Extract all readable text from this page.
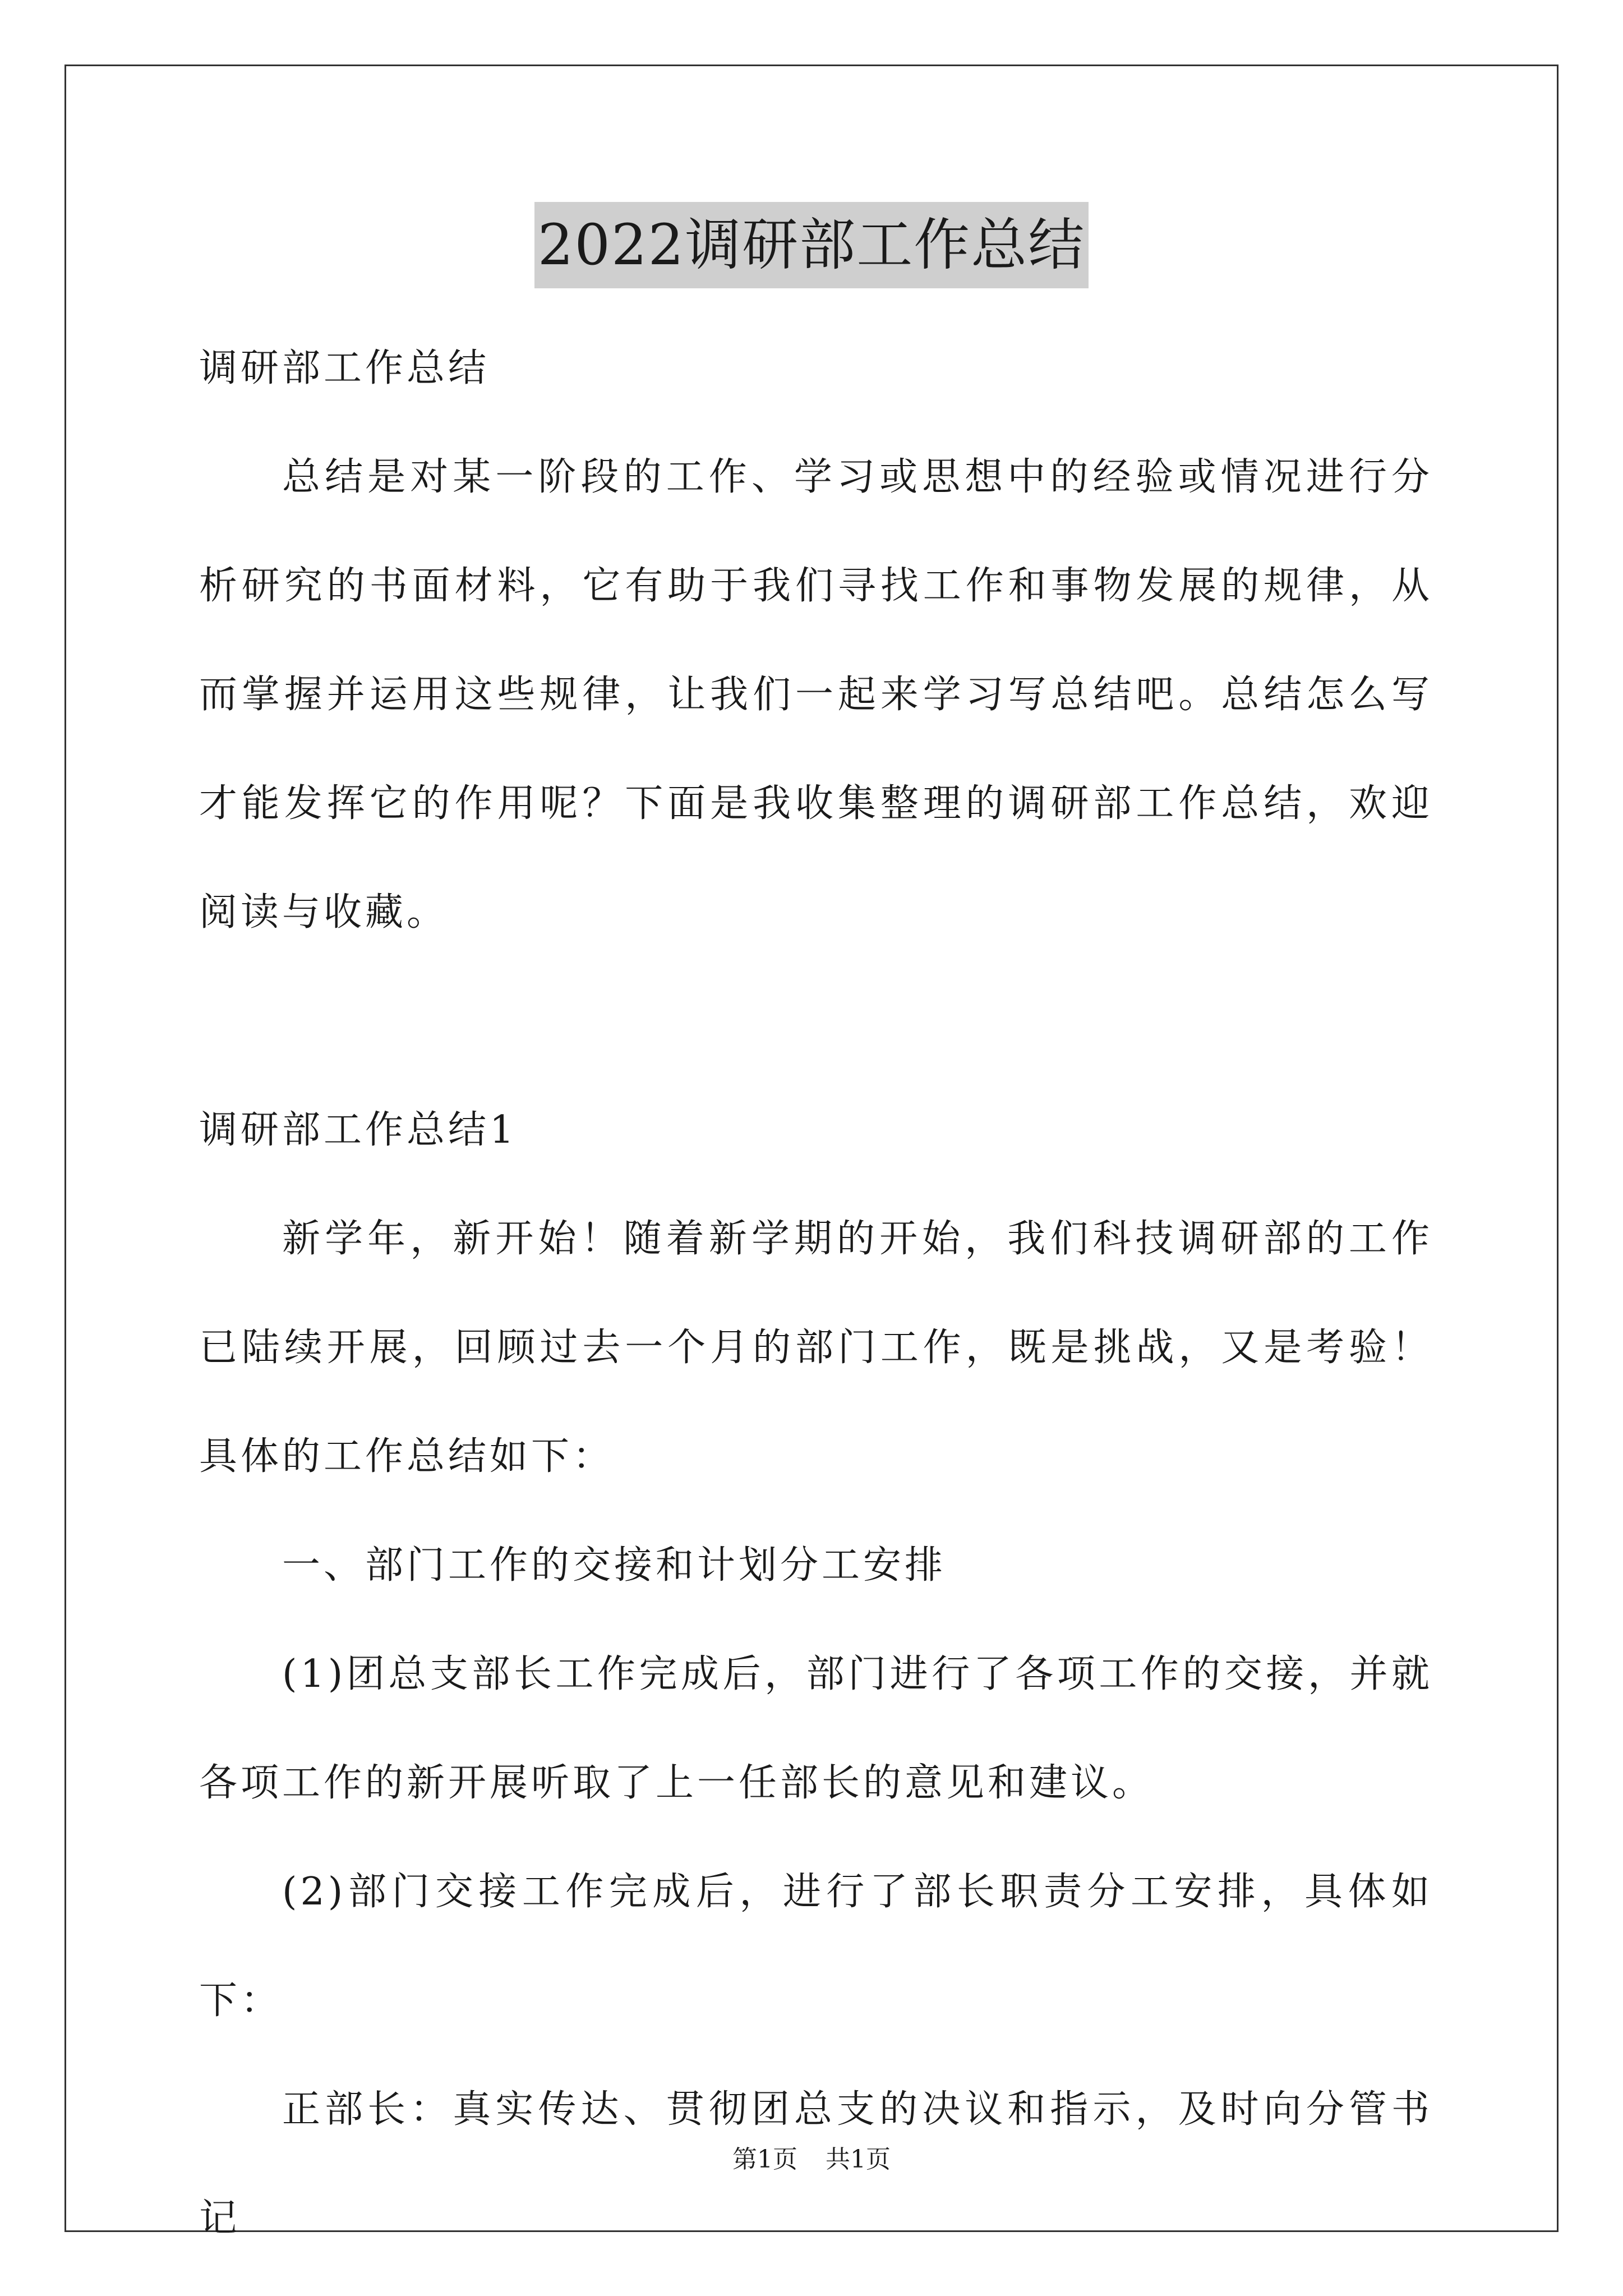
2022调研部工作总结

调研部工作总结

总结是对某一阶段的工作、学习或思想中的经验或情况进行分析研究的书面材料，它有助于我们寻找工作和事物发展的规律，从而掌握并运用这些规律，让我们一起来学习写总结吧。总结怎么写才能发挥它的作用呢？下面是我收集整理的调研部工作总结，欢迎阅读与收藏。

调研部工作总结1

新学年，新开始！随着新学期的开始，我们科技调研部的工作已陆续开展，回顾过去一个月的部门工作，既是挑战，又是考验！具体的工作总结如下：

一、部门工作的交接和计划分工安排

(1)团总支部长工作完成后，部门进行了各项工作的交接，并就各项工作的新开展听取了上一任部长的意见和建议。

(2)部门交接工作完成后，进行了部长职责分工安排，具体如下：

正部长：真实传达、贯彻团总支的决议和指示，及时向分管书记

第1页 共1页
